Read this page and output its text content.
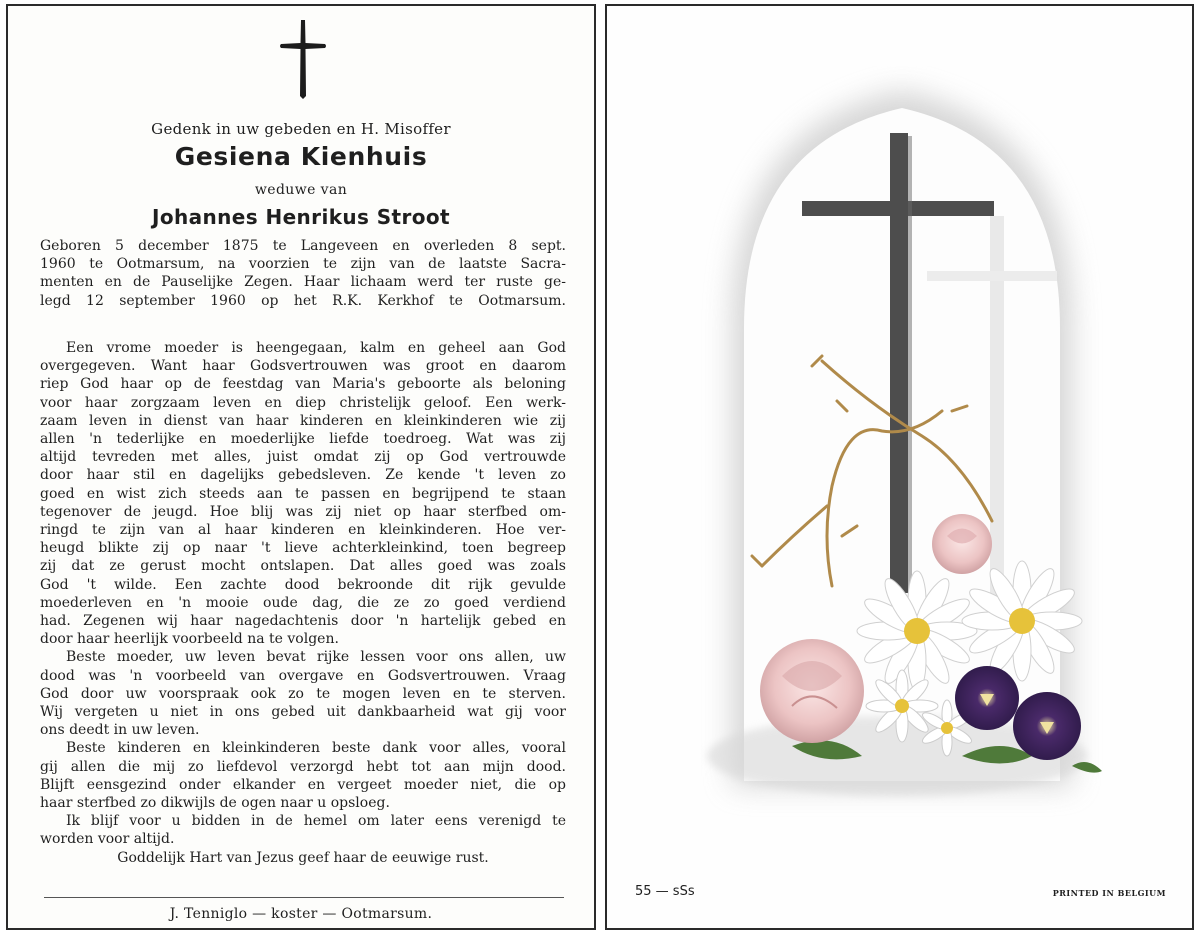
Gedenk in uw gebeden en H. Misoffer
Gesiena Kienhuis
weduwe van
Johannes Henrikus Stroot
Geboren 5 december 1875 te Langeveen en overleden 8 sept.
1960 te Ootmarsum, na voorzien te zijn van de laatste Sacra-
menten en de Pauselijke Zegen. Haar lichaam werd ter ruste ge-
legd 12 september 1960 op het R.K. Kerkhof te Ootmarsum.
Een vrome moeder is heengegaan, kalm en geheel aan God
overgegeven. Want haar Godsvertrouwen was groot en daarom
riep God haar op de feestdag van Maria's geboorte als beloning
voor haar zorgzaam leven en diep christelijk geloof. Een werk-
zaam leven in dienst van haar kinderen en kleinkinderen wie zij
allen 'n tederlijke en moederlijke liefde toedroeg. Wat was zij
altijd tevreden met alles, juist omdat zij op God vertrouwde
door haar stil en dagelijks gebedsleven. Ze kende 't leven zo
goed en wist zich steeds aan te passen en begrijpend te staan
tegenover de jeugd. Hoe blij was zij niet op haar sterfbed om-
ringd te zijn van al haar kinderen en kleinkinderen. Hoe ver-
heugd blikte zij op naar 't lieve achterkleinkind, toen begreep
zij dat ze gerust mocht ontslapen. Dat alles goed was zoals
God 't wilde. Een zachte dood bekroonde dit rijk gevulde
moederleven en 'n mooie oude dag, die ze zo goed verdiend
had. Zegenen wij haar nagedachtenis door 'n hartelijk gebed en
door haar heerlijk voorbeeld na te volgen.
Beste moeder, uw leven bevat rijke lessen voor ons allen, uw
dood was 'n voorbeeld van overgave en Godsvertrouwen. Vraag
God door uw voorspraak ook zo te mogen leven en te sterven.
Wij vergeten u niet in ons gebed uit dankbaarheid wat gij voor
ons deedt in uw leven.
Beste kinderen en kleinkinderen beste dank voor alles, vooral
gij allen die mij zo liefdevol verzorgd hebt tot aan mijn dood.
Blijft eensgezind onder elkander en vergeet moeder niet, die op
haar sterfbed zo dikwijls de ogen naar u opsloeg.
Ik blijf voor u bidden in de hemel om later eens verenigd te
worden voor altijd.
Goddelijk Hart van Jezus geef haar de eeuwige rust.
J. Tenniglo — koster — Ootmarsum.
55 — sSs	PRINTED IN BELGIUM
